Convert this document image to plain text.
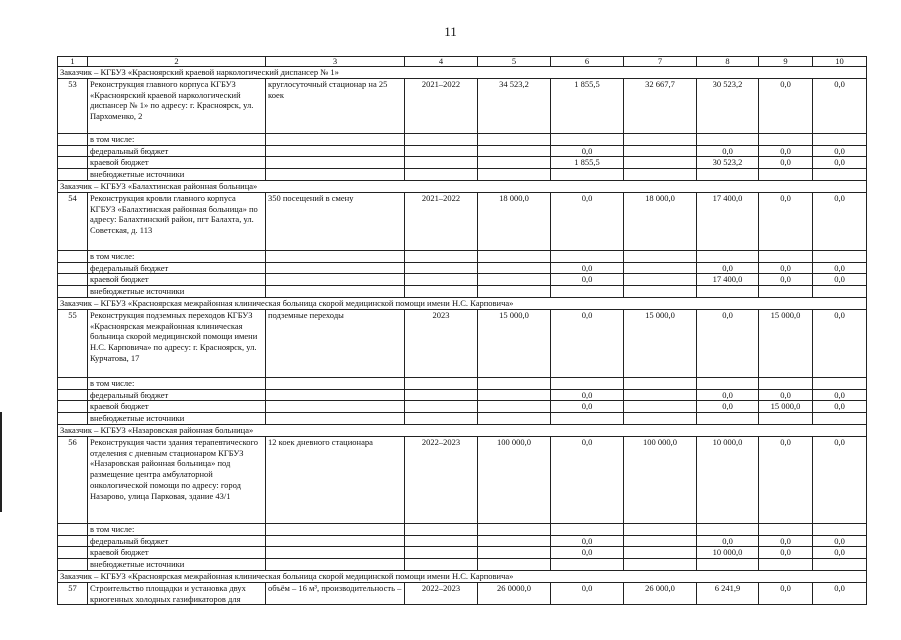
11
1	2	3	4	5	6	7	8	9	10
Заказчик – КГБУЗ «Красноярский краевой наркологический диспансер № 1»									
53	Реконструкция главного корпуса КГБУЗ «Красноярский краевой наркологический диспансер № 1» по адресу: г. Красноярск, ул. Пархоменко, 2	круглосуточный стационар на 25 коек	2021–2022	34 523,2	1 855,5	32 667,7	30 523,2	0,0	0,0
	в том числе:								
	федеральный бюджет				0,0		0,0	0,0	0,0
	краевой бюджет				1 855,5		30 523,2	0,0	0,0
	внебюджетные источники								
Заказчик – КГБУЗ «Балахтинская районная больница»									
54	Реконструкция кровли главного корпуса КГБУЗ «Балахтинская районная больница» по адресу: Балахтинский район, пгт Балахта, ул. Советская, д. 113	350 посещений в смену	2021–2022	18 000,0	0,0	18 000,0	17 400,0	0,0	0,0
	в том числе:								
	федеральный бюджет				0,0		0,0	0,0	0,0
	краевой бюджет				0,0		17 400,0	0,0	0,0
	внебюджетные источники								
Заказчик – КГБУЗ «Красноярская межрайонная клиническая больница скорой медицинской помощи имени Н.С. Карповича»									
55	Реконструкция подземных переходов КГБУЗ «Красноярская межрайонная клиническая больница скорой медицинской помощи имени Н.С. Карповича» по адресу: г. Красноярск, ул. Курчатова, 17	подземные переходы	2023	15 000,0	0,0	15 000,0	0,0	15 000,0	0,0
	в том числе:								
	федеральный бюджет				0,0		0,0	0,0	0,0
	краевой бюджет				0,0		0,0	15 000,0	0,0
	внебюджетные источники								
Заказчик – КГБУЗ «Назаровская районная больница»									
56	Реконструкция части здания терапевтического отделения с дневным стационаром КГБУЗ «Назаровская районная больница» под размещение центра амбулаторной онкологической помощи по адресу: город Назарово, улица Парковая, здание 43/1	12 коек дневного стационара	2022–2023	100 000,0	0,0	100 000,0	10 000,0	0,0	0,0
	в том числе:								
	федеральный бюджет				0,0		0,0	0,0	0,0
	краевой бюджет				0,0		10 000,0	0,0	0,0
	внебюджетные источники								
Заказчик – КГБУЗ «Красноярская межрайонная клиническая больница скорой медицинской помощи имени Н.С. Карповича»									
57	Строительство площадки и установка двух криогенных холодных газификаторов для	объём – 16 м³, производительность –	2022–2023	26 0000,0	0,0	26 000,0	6 241,9	0,0	0,0
